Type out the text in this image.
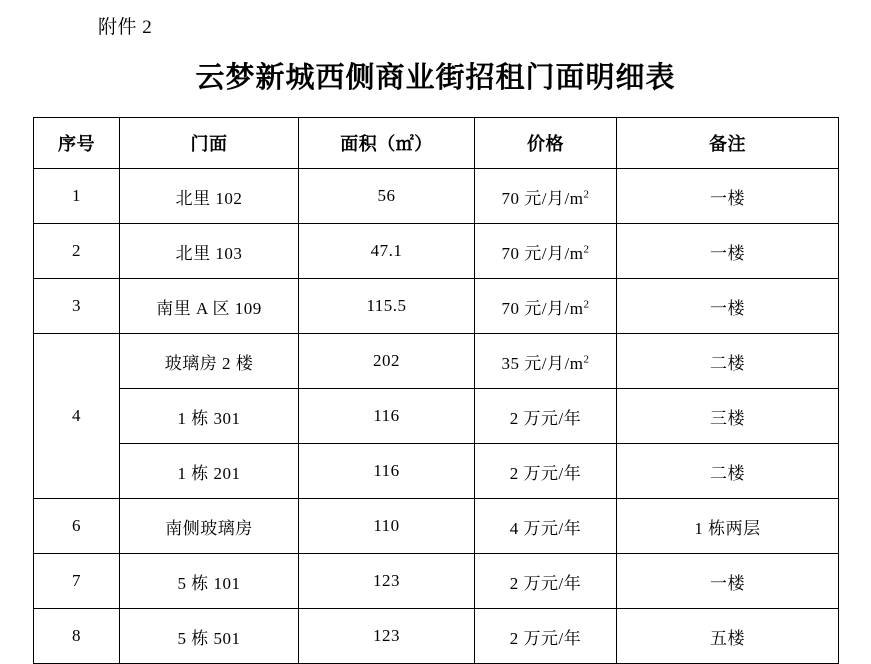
附件 2
云梦新城西侧商业街招租门面明细表
序号	门面	面积（㎡）	价格	备注
1	北里 102	56	70 元/月$/m^2$	一楼
2	北里 103	47.1	70 元/月$/m^2$	一楼
3	南里 A 区 109	115.5	70 元/月$/m^2$	一楼
4	玻璃房 2 楼	202	35 元/月$/m^2$	二楼
	1 栋 301	116	2 万元/年	三楼
	1 栋 201	116	2 万元/年	二楼
6	南侧玻璃房	110	4 万元/年	1 栋两层
7	5 栋 101	123	2 万元/年	一楼
8	5 栋 501	123	2 万元/年	五楼
